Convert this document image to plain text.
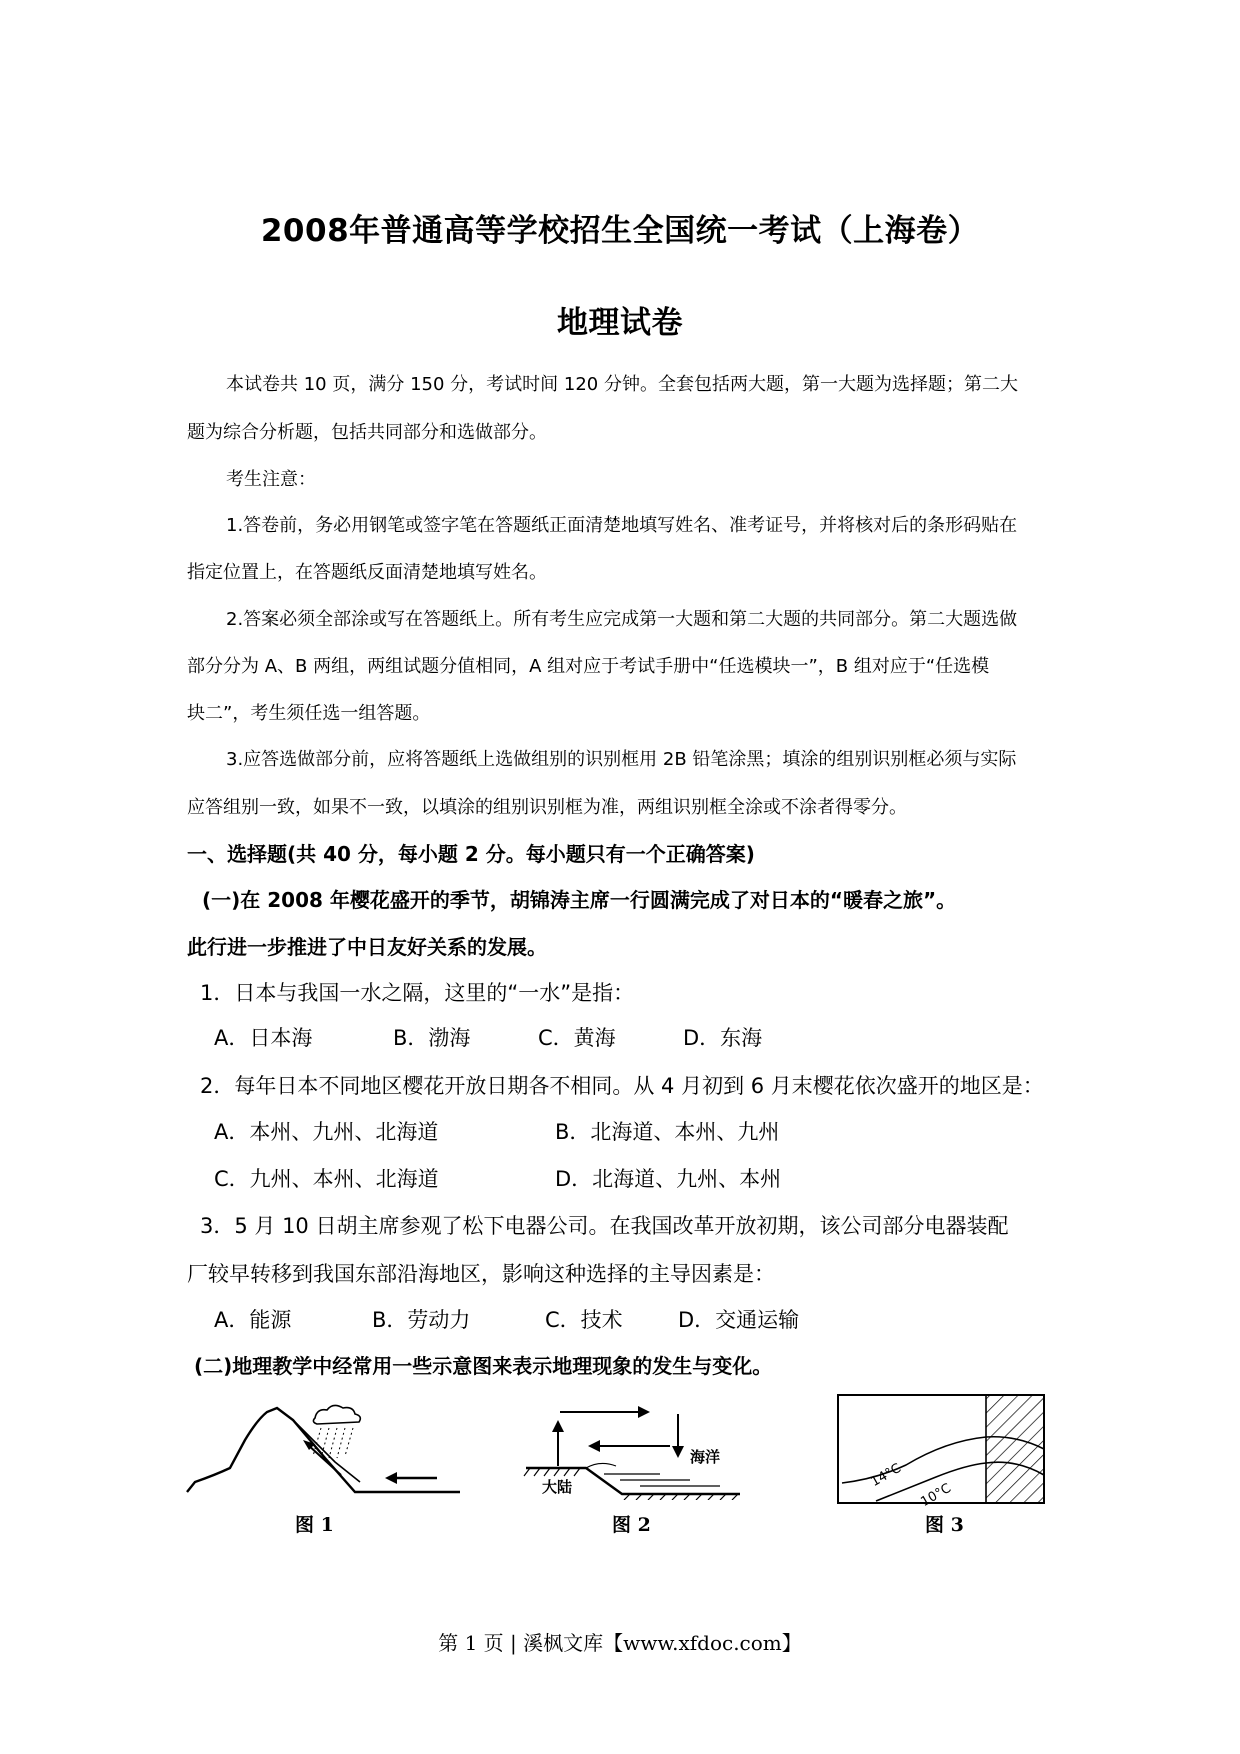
2008年普通高等学校招生全国统一考试（上海卷）
地理试卷
本试卷共 10 页，满分 150 分，考试时间 120 分钟。全套包括两大题，第一大题为选择题；第二大
题为综合分析题，包括共同部分和选做部分。
考生注意：
1.答卷前，务必用钢笔或签字笔在答题纸正面清楚地填写姓名、准考证号，并将核对后的条形码贴在
指定位置上，在答题纸反面清楚地填写姓名。
2.答案必须全部涂或写在答题纸上。所有考生应完成第一大题和第二大题的共同部分。第二大题选做
部分分为 A、B 两组，两组试题分值相同，A 组对应于考试手册中“任选模块一”，B 组对应于“任选模
块二”，考生须任选一组答题。
3.应答选做部分前，应将答题纸上选做组别的识别框用 2B 铅笔涂黑；填涂的组别识别框必须与实际
应答组别一致，如果不一致，以填涂的组别识别框为准，两组识别框全涂或不涂者得零分。
一、选择题(共 40 分，每小题 2 分。每小题只有一个正确答案)
(一)在 2008 年樱花盛开的季节，胡锦涛主席一行圆满完成了对日本的“暖春之旅”。
此行进一步推进了中日友好关系的发展。
1．日本与我国一水之隔，这里的“一水”是指：
A．日本海	B．渤海	C．黄海	D．东海
2．每年日本不同地区樱花开放日期各不相同。从 4 月初到 6 月末樱花依次盛开的地区是：
A．本州、九州、北海道	B．北海道、本州、九州
C．九州、本州、北海道	D．北海道、九州、本州
3．5 月 10 日胡主席参观了松下电器公司。在我国改革开放初期，该公司部分电器装配
厂较早转移到我国东部沿海地区，影响这种选择的主导因素是：
A．能源	B．劳动力	C．技术	D．交通运输
(二)地理教学中经常用一些示意图来表示地理现象的发生与变化。
图 1
海洋
大陆
图 2
14°C
10°C
图 3
第 1 页 | 溪枫文库【www.xfdoc.com】
